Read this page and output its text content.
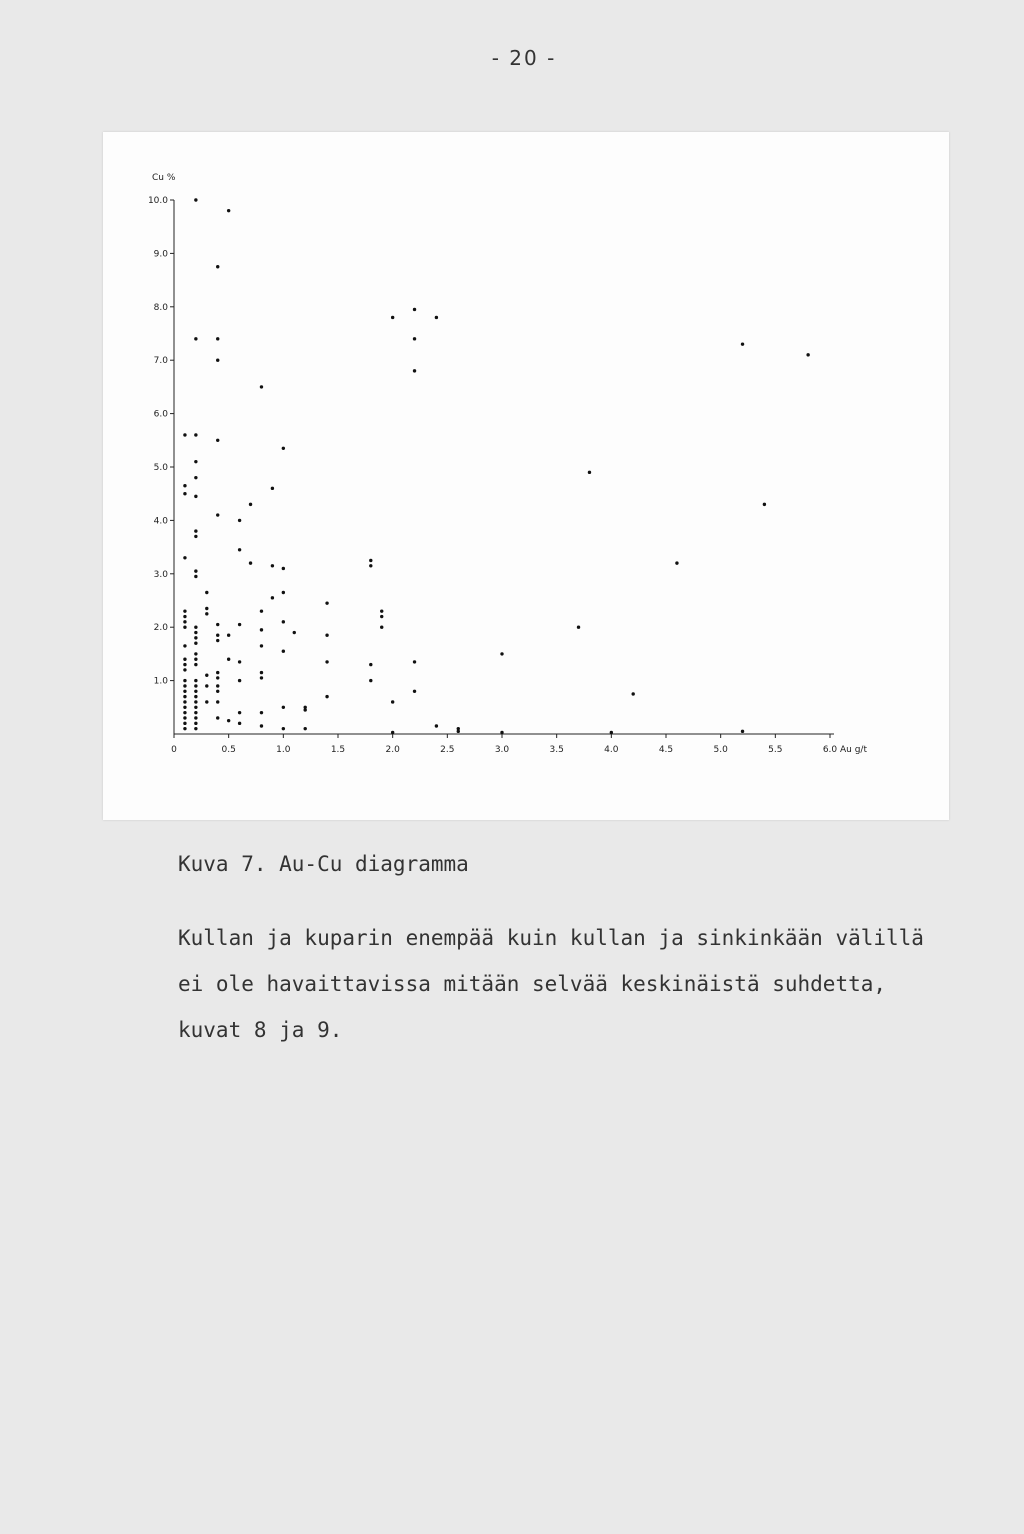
- 20 -
0	0.5	1.0	1.5	2.0	2.5	3.0	3.5	4.0	4.5	5.0	5.5	6.0
1.0
2.0
3.0
4.0
5.0
6.0
7.0
8.0
9.0
10.0
Cu %
Au g/t
Kuva 7. Au-Cu diagramma
Kullan ja kuparin enempää kuin kullan ja sinkinkään välillä
ei ole havaittavissa mitään selvää keskinäistä suhdetta,
kuvat 8 ja 9.
